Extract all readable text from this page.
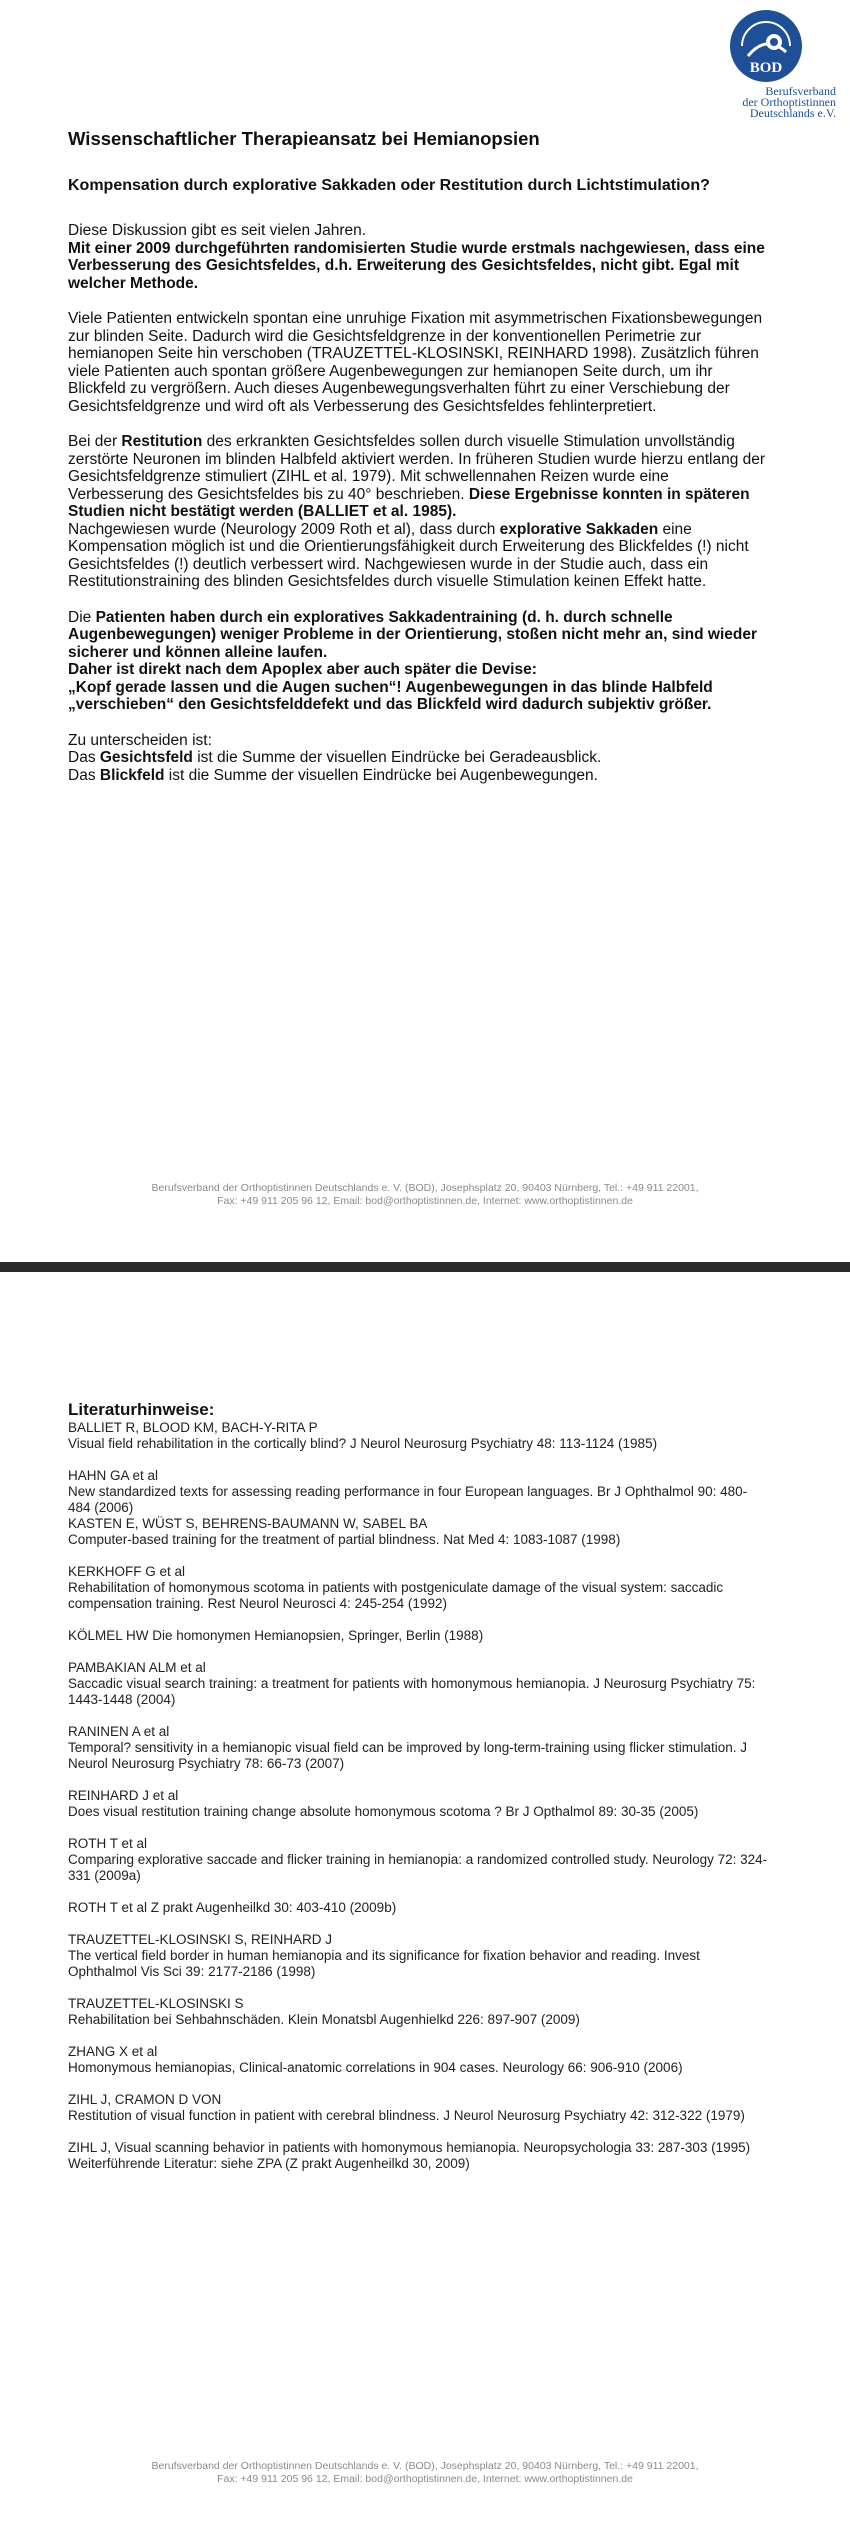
BOD
Berufsverband
der Orthoptistinnen
Deutschlands e.V.
Wissenschaftlicher Therapieansatz bei Hemianopsien
Kompensation durch explorative Sakkaden oder Restitution durch Lichtstimulation?
Diese Diskussion gibt es seit vielen Jahren.
Mit einer 2009 durchgeführten randomisierten Studie wurde erstmals nachgewiesen, dass eine Verbesserung des Gesichtsfeldes, d.h. Erweiterung des Gesichtsfeldes, nicht gibt. Egal mit welcher Methode.
Viele Patienten entwickeln spontan eine unruhige Fixation mit asymmetrischen Fixationsbewegungen zur blinden Seite. Dadurch wird die Gesichtsfeldgrenze in der konventionellen Perimetrie zur hemianopen Seite hin verschoben (TRAUZETTEL-KLOSINSKI, REINHARD 1998). Zusätzlich führen viele Patienten auch spontan größere Augenbewegungen zur hemianopen Seite durch, um ihr Blickfeld zu vergrößern. Auch dieses Augenbewegungsverhalten führt zu einer Verschiebung der Gesichtsfeldgrenze und wird oft als Verbesserung des Gesichtsfeldes fehlinterpretiert.
Bei der Restitution des erkrankten Gesichtsfeldes sollen durch visuelle Stimulation unvollständig zerstörte Neuronen im blinden Halbfeld aktiviert werden. In früheren Studien wurde hierzu entlang der Gesichtsfeldgrenze stimuliert (ZIHL et al. 1979). Mit schwellennahen Reizen wurde eine Verbesserung des Gesichtsfeldes bis zu 40° beschrieben. Diese Ergebnisse konnten in späteren Studien nicht bestätigt werden (BALLIET et al. 1985).
Nachgewiesen wurde (Neurology 2009 Roth et al), dass durch explorative Sakkaden eine Kompensation möglich ist und die Orientierungsfähigkeit durch Erweiterung des Blickfeldes (!) nicht Gesichtsfeldes (!) deutlich verbessert wird. Nachgewiesen wurde in der Studie auch, dass ein Restitutionstraining des blinden Gesichtsfeldes durch visuelle Stimulation keinen Effekt hatte.
Die Patienten haben durch ein exploratives Sakkadentraining (d. h. durch schnelle Augenbewegungen) weniger Probleme in der Orientierung, stoßen nicht mehr an, sind wieder sicherer und können alleine laufen.
Daher ist direkt nach dem Apoplex aber auch später die Devise:
„Kopf gerade lassen und die Augen suchen“! Augenbewegungen in das blinde Halbfeld „verschieben“ den Gesichtsfelddefekt und das Blickfeld wird dadurch subjektiv größer.
Zu unterscheiden ist:
Das Gesichtsfeld ist die Summe der visuellen Eindrücke bei Geradeausblick.
Das Blickfeld ist die Summe der visuellen Eindrücke bei Augenbewegungen.
Berufsverband der Orthoptistinnen Deutschlands e. V. (BOD), Josephsplatz 20, 90403 Nürnberg, Tel.: +49 911 22001,
Fax: +49 911 205 96 12, Email: bod@orthoptistinnen.de, Internet: www.orthoptistinnen.de
Literaturhinweise:
BALLIET R, BLOOD KM, BACH-Y-RITA P
Visual field rehabilitation in the cortically blind? J Neurol Neurosurg Psychiatry 48: 113-1124 (1985)
HAHN GA et al
New standardized texts for assessing reading performance in four European languages. Br J Ophthalmol 90: 480-484 (2006)
KASTEN E, WÜST S, BEHRENS-BAUMANN W, SABEL BA
Computer-based training for the treatment of partial blindness. Nat Med 4: 1083-1087 (1998)
KERKHOFF G et al
Rehabilitation of homonymous scotoma in patients with postgeniculate damage of the visual system: saccadic compensation training. Rest Neurol Neurosci 4: 245-254 (1992)
KÖLMEL HW Die homonymen Hemianopsien, Springer, Berlin (1988)
PAMBAKIAN ALM et al
Saccadic visual search training: a treatment for patients with homonymous hemianopia. J Neurosurg Psychiatry 75: 1443-1448 (2004)
RANINEN A et al
Temporal? sensitivity in a hemianopic visual field can be improved by long-term-training using flicker stimulation. J Neurol Neurosurg Psychiatry 78: 66-73 (2007)
REINHARD J et al
Does visual restitution training change absolute homonymous scotoma ? Br J Opthalmol 89: 30-35 (2005)
ROTH T et al
Comparing explorative saccade and flicker training in hemianopia: a randomized controlled study. Neurology 72: 324-331 (2009a)
ROTH T et al Z prakt Augenheilkd 30: 403-410 (2009b)
TRAUZETTEL-KLOSINSKI S, REINHARD J
The vertical field border in human hemianopia and its significance for fixation behavior and reading. Invest Ophthalmol Vis Sci 39: 2177-2186 (1998)
TRAUZETTEL-KLOSINSKI S
Rehabilitation bei Sehbahnschäden. Klein Monatsbl Augenhielkd 226: 897-907 (2009)
ZHANG X et al
Homonymous hemianopias, Clinical-anatomic correlations in 904 cases. Neurology 66: 906-910 (2006)
ZIHL J, CRAMON D VON
Restitution of visual function in patient with cerebral blindness. J Neurol Neurosurg Psychiatry 42: 312-322 (1979)
ZIHL J, Visual scanning behavior in patients with homonymous hemianopia. Neuropsychologia 33: 287-303 (1995)
Weiterführende Literatur: siehe ZPA (Z prakt Augenheilkd 30, 2009)
Berufsverband der Orthoptistinnen Deutschlands e. V. (BOD), Josephsplatz 20, 90403 Nürnberg, Tel.: +49 911 22001,
Fax: +49 911 205 96 12, Email: bod@orthoptistinnen.de, Internet: www.orthoptistinnen.de
